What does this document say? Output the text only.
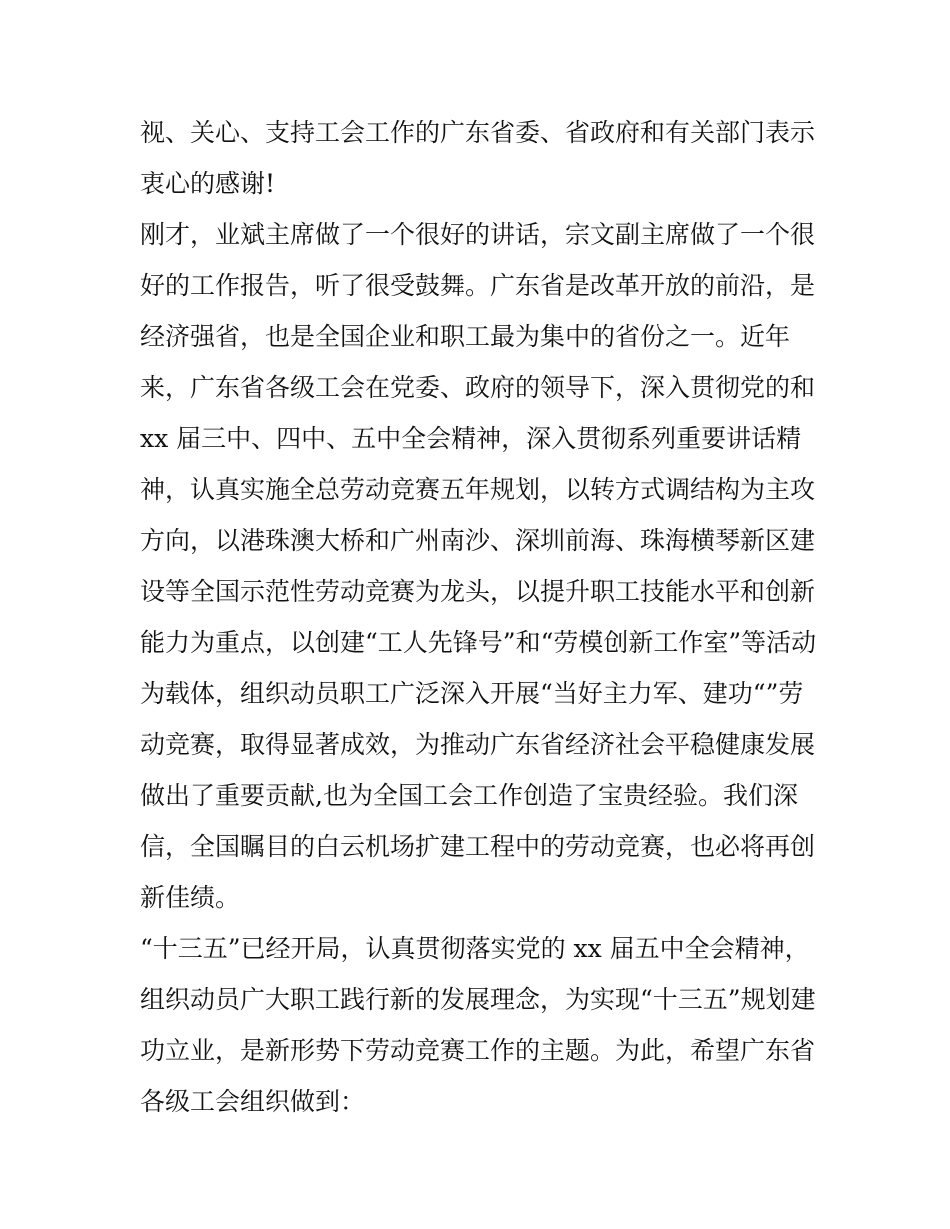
视、关心、支持工会工作的广东省委、省政府和有关部门表示
衷心的感谢!
刚才，业斌主席做了一个很好的讲话，宗文副主席做了一个很
好的工作报告，听了很受鼓舞。广东省是改革开放的前沿，是
经济强省，也是全国企业和职工最为集中的省份之一。近年
来，广东省各级工会在党委、政府的领导下，深入贯彻党的和
xx 届三中、四中、五中全会精神，深入贯彻系列重要讲话精
神，认真实施全总劳动竞赛五年规划，以转方式调结构为主攻
方向，以港珠澳大桥和广州南沙、深圳前海、珠海横琴新区建
设等全国示范性劳动竞赛为龙头，以提升职工技能水平和创新
能力为重点，以创建“工人先锋号”和“劳模创新工作室”等活动
为载体，组织动员职工广泛深入开展“当好主力军、建功“”劳
动竞赛，取得显著成效，为推动广东省经济社会平稳健康发展
做出了重要贡献,也为全国工会工作创造了宝贵经验。我们深
信，全国瞩目的白云机场扩建工程中的劳动竞赛，也必将再创
新佳绩。
“十三五”已经开局，认真贯彻落实党的 xx 届五中全会精神，
组织动员广大职工践行新的发展理念，为实现“十三五”规划建
功立业，是新形势下劳动竞赛工作的主题。为此，希望广东省
各级工会组织做到：
